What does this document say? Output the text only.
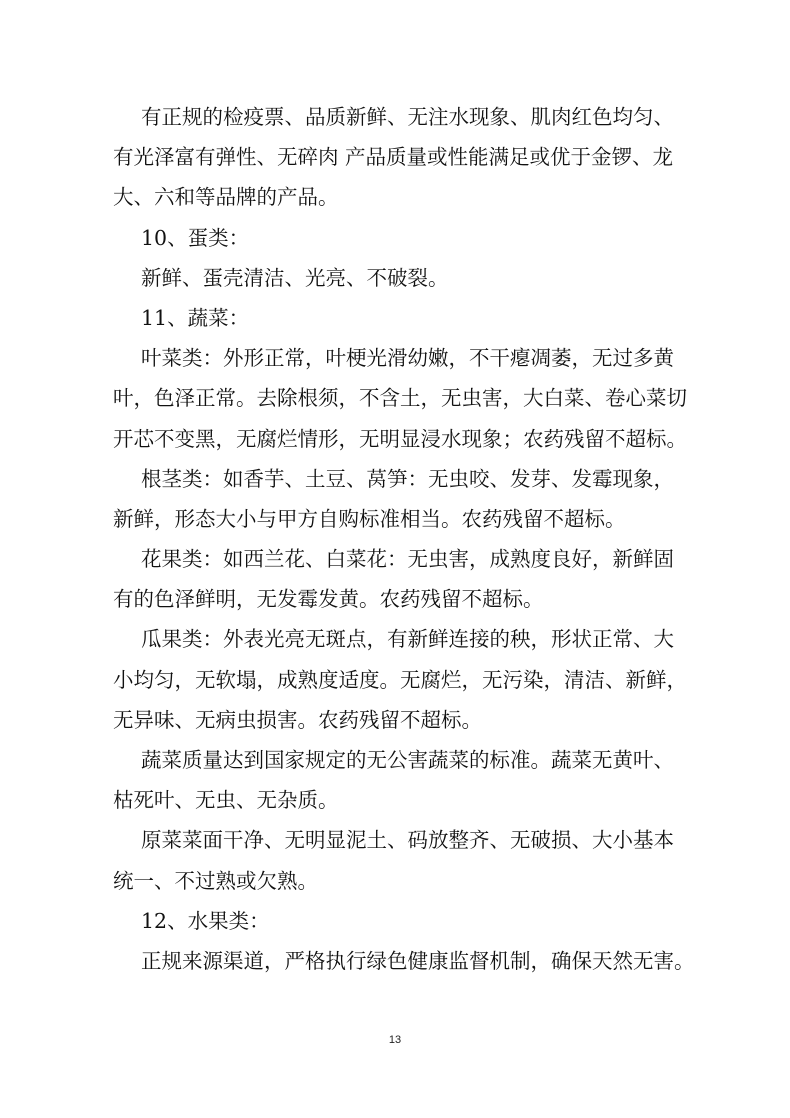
有正规的检疫票、品质新鲜、无注水现象、肌肉红色均匀、
有光泽富有弹性、无碎肉 产品质量或性能满足或优于金锣、龙
大、六和等品牌的产品。
10、蛋类：
新鲜、蛋壳清洁、光亮、不破裂。
11、蔬菜：
叶菜类：外形正常，叶梗光滑幼嫩，不干瘪凋萎，无过多黄
叶，色泽正常。去除根须，不含土，无虫害，大白菜、卷心菜切
开芯不变黑，无腐烂情形，无明显浸水现象；农药残留不超标。
根茎类：如香芋、土豆、莴笋：无虫咬、发芽、发霉现象，
新鲜，形态大小与甲方自购标准相当。农药残留不超标。
花果类：如西兰花、白菜花：无虫害，成熟度良好，新鲜固
有的色泽鲜明，无发霉发黄。农药残留不超标。
瓜果类：外表光亮无斑点，有新鲜连接的秧，形状正常、大
小均匀，无软塌，成熟度适度。无腐烂，无污染，清洁、新鲜，
无异味、无病虫损害。农药残留不超标。
蔬菜质量达到国家规定的无公害蔬菜的标准。蔬菜无黄叶、
枯死叶、无虫、无杂质。
原菜菜面干净、无明显泥土、码放整齐、无破损、大小基本
统一、不过熟或欠熟。
12、水果类：
正规来源渠道，严格执行绿色健康监督机制，确保天然无害。
13
